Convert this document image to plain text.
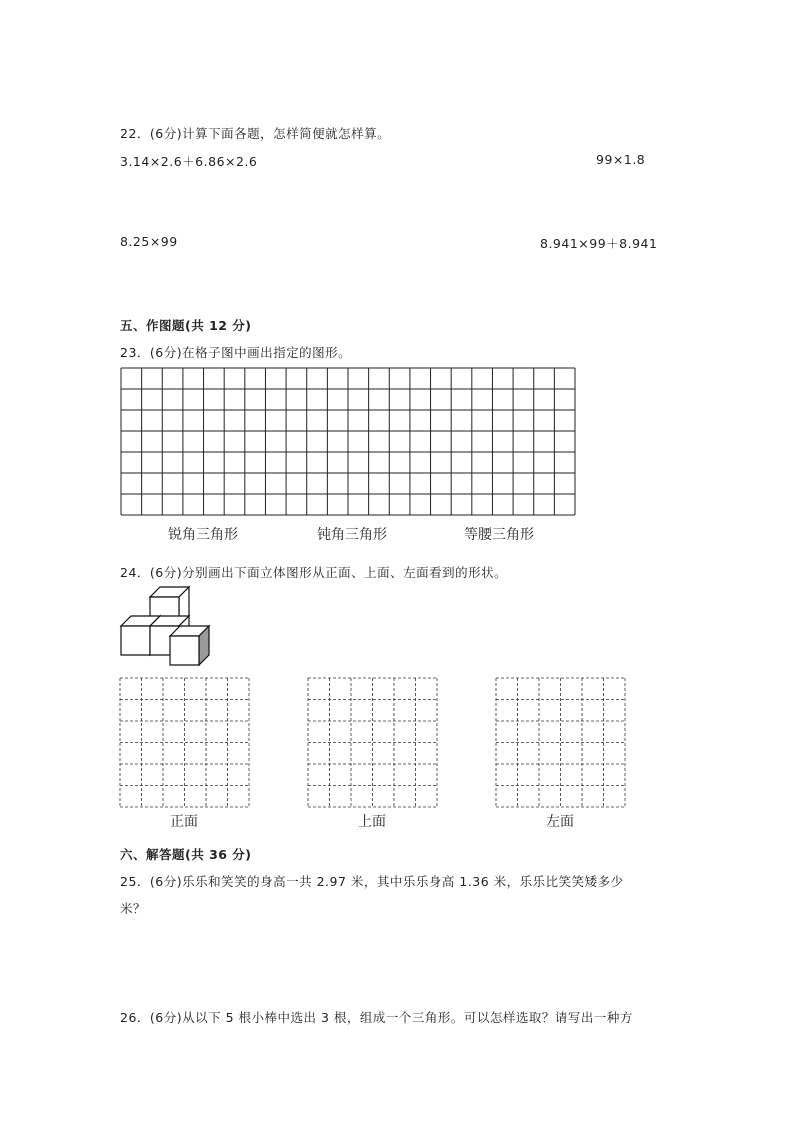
22．(6分)计算下面各题，怎样简便就怎样算。
3.14×2.6＋6.86×2.6	99×1.8
8.25×99	8.941×99＋8.941
五、作图题(共 12 分)
23．(6分)在格子图中画出指定的图形。
锐角三角形	钝角三角形	等腰三角形
24．(6分)分别画出下面立体图形从正面、上面、左面看到的形状。
正面	上面	左面
六、解答题(共 36 分)
25．(6分)乐乐和笑笑的身高一共 2.97 米，其中乐乐身高 1.36 米，乐乐比笑笑矮多少
米？
26．(6分)从以下 5 根小棒中选出 3 根，组成一个三角形。可以怎样选取？请写出一种方
